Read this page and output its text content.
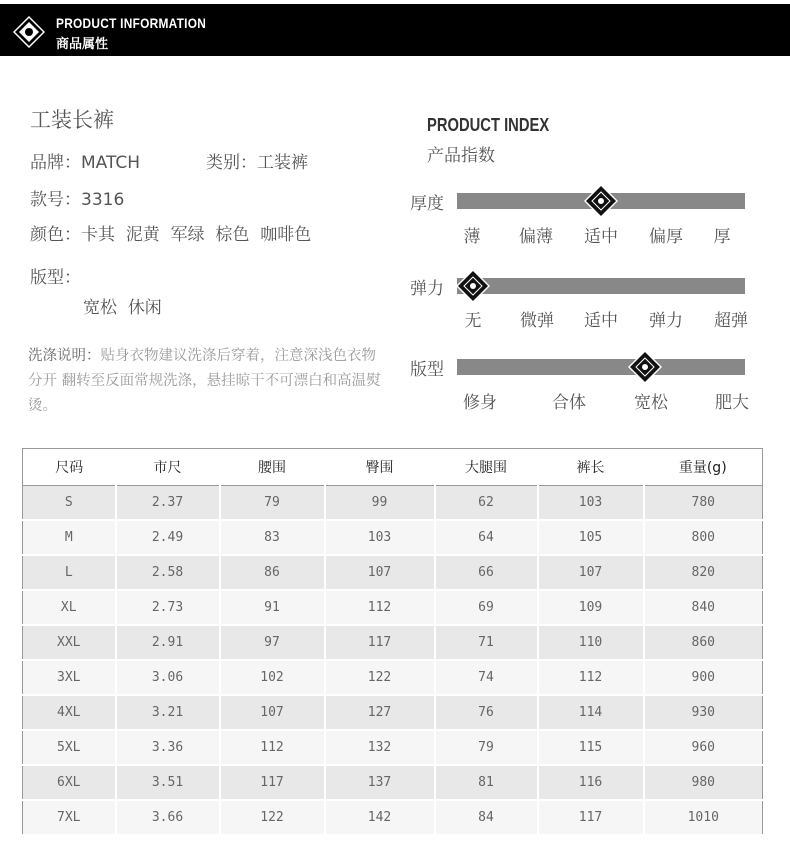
PRODUCT INFORMATION
商品属性
工装长裤
品牌：MATCH	类别：工装裤
款号：3316
颜色：卡其  泥黄  军绿  棕色  咖啡色
版型：
宽松  休闲
洗涤说明：贴身衣物建议洗涤后穿着，注意深浅色衣物分开 翻转至反面常规洗涤，悬挂晾干不可漂白和高温熨烫。
PRODUCT INDEX
产品指数
厚度
薄 偏薄 适中 偏厚 厚
弹力
无 微弹 适中 弹力 超弹
版型
修身	合体	宽松	肥大
尺码	市尺	腰围	臀围	大腿围	裤长	重量(g)
S	2.37	79	99	62	103	780
M	2.49	83	103	64	105	800
L	2.58	86	107	66	107	820
XL	2.73	91	112	69	109	840
XXL	2.91	97	117	71	110	860
3XL	3.06	102	122	74	112	900
4XL	3.21	107	127	76	114	930
5XL	3.36	112	132	79	115	960
6XL	3.51	117	137	81	116	980
7XL	3.66	122	142	84	117	1010
